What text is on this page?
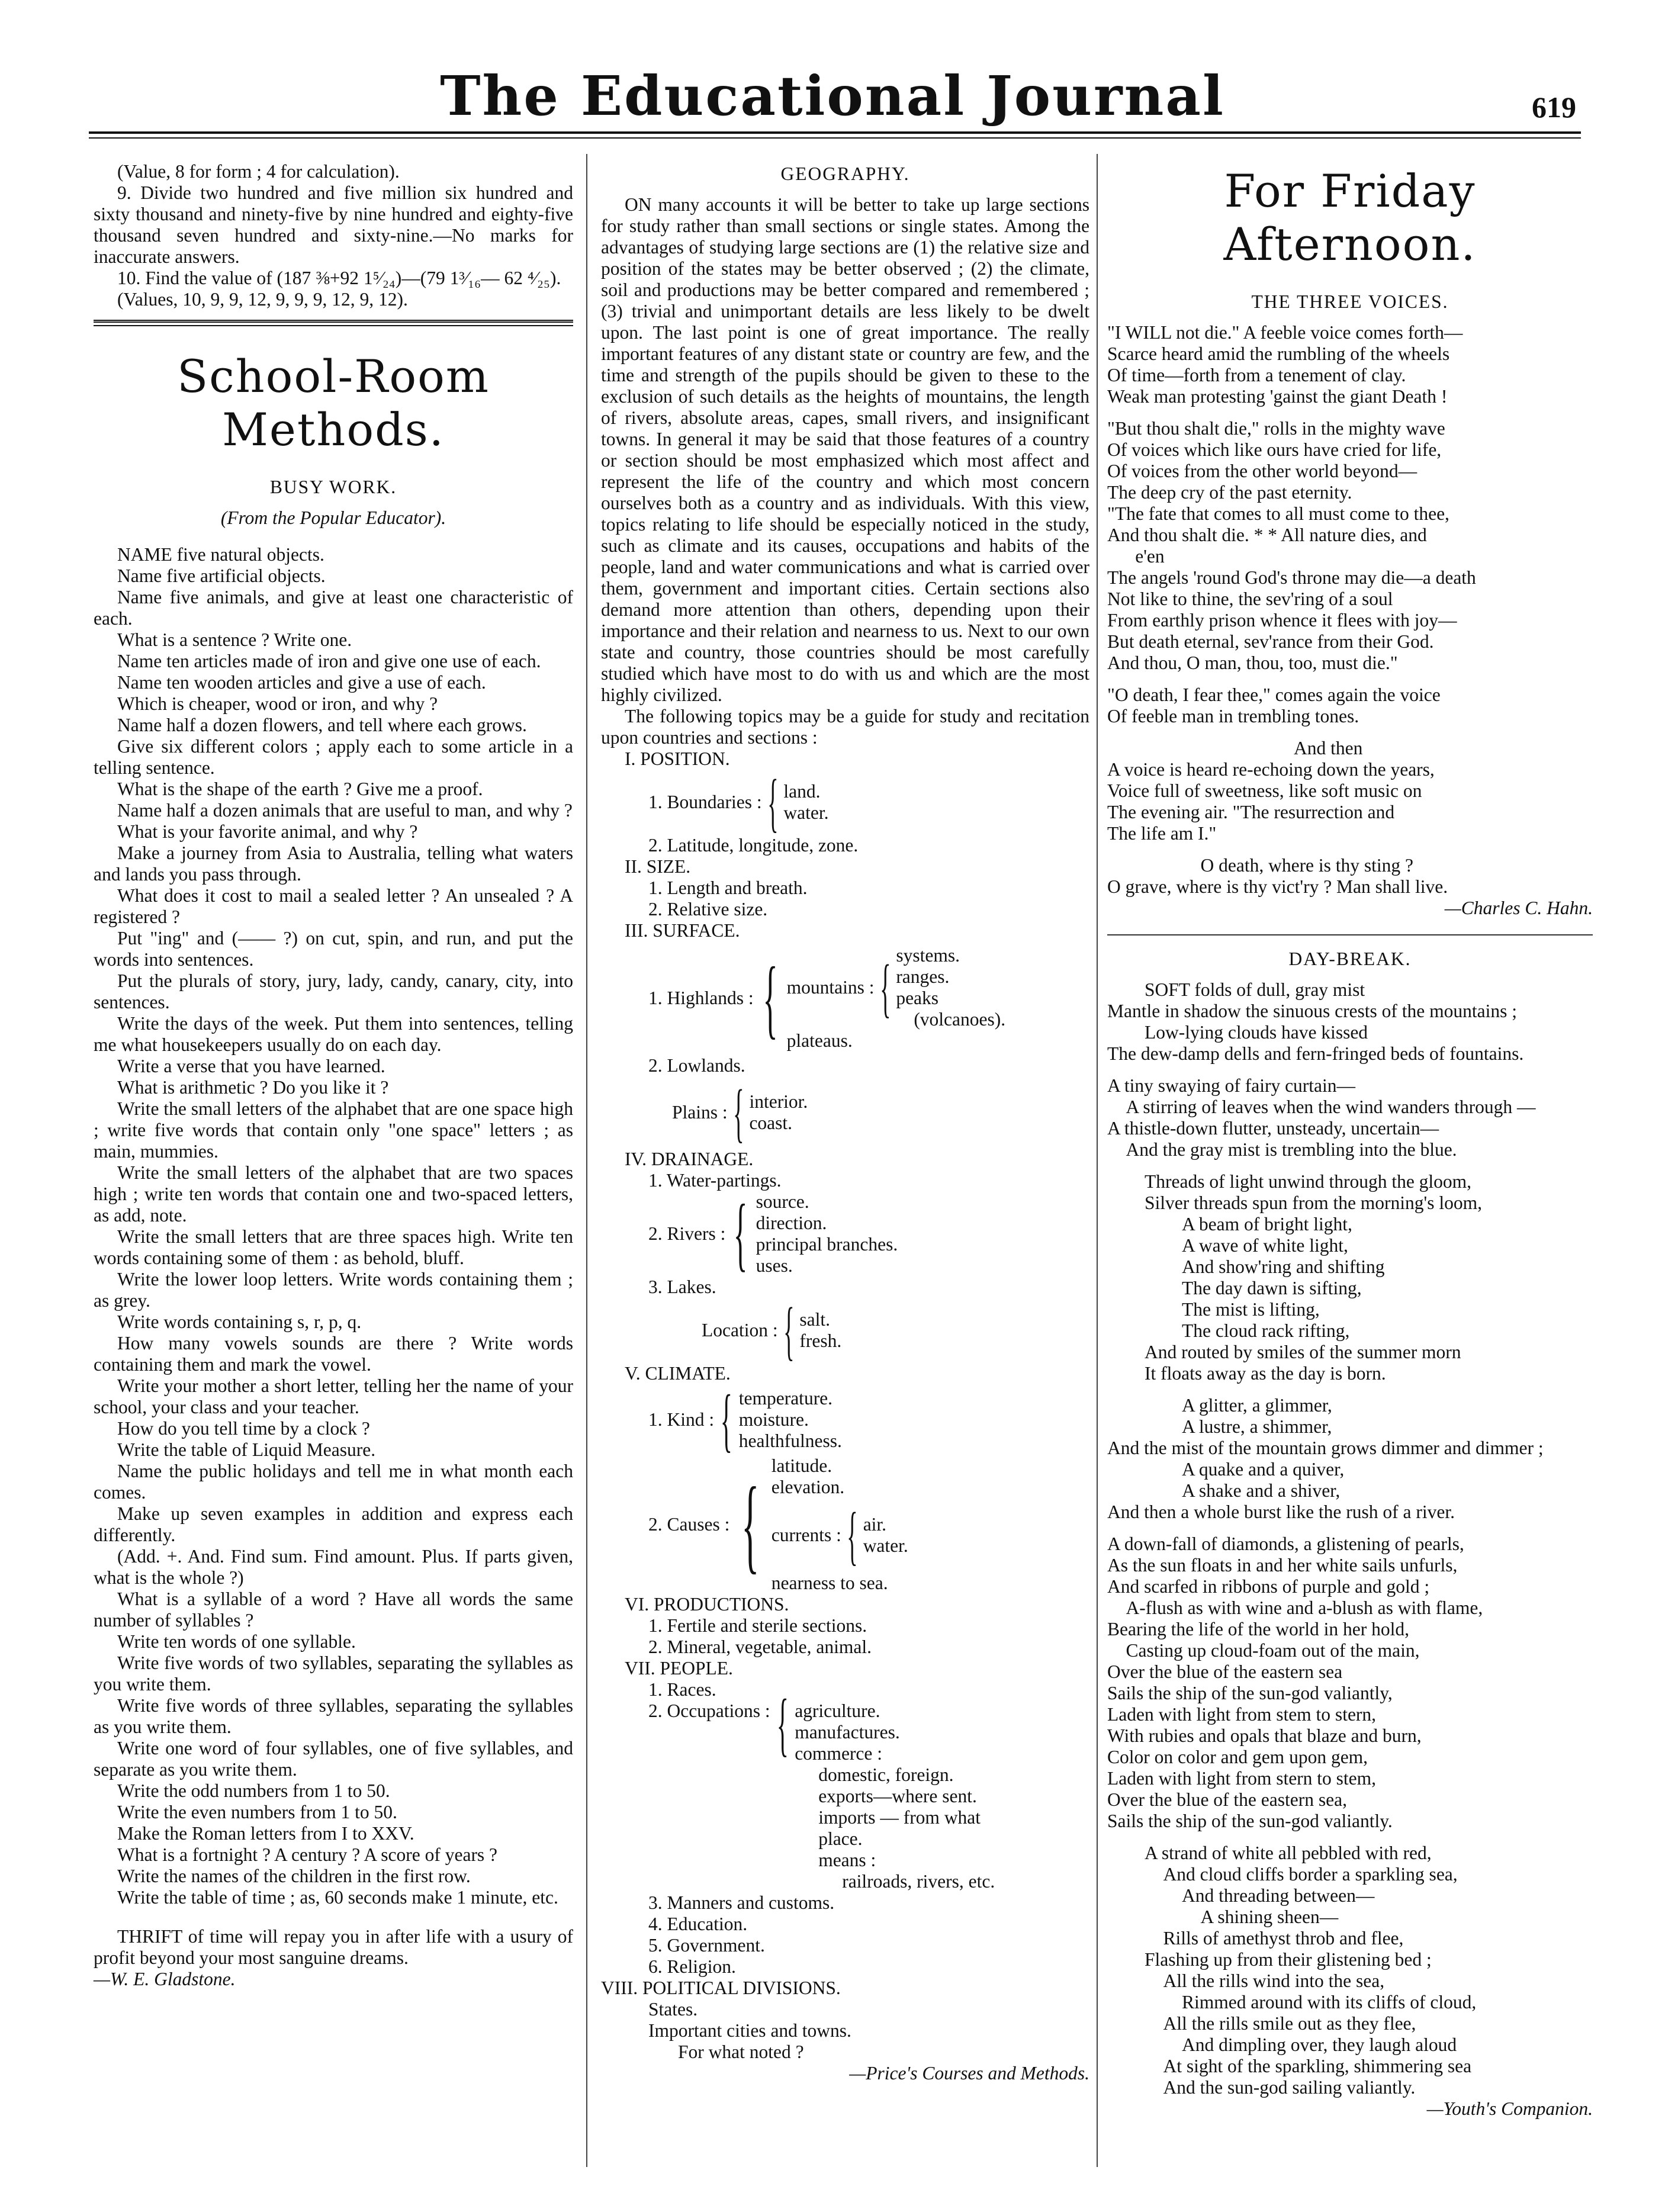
The Educational Journal	619

(Value, 8 for form ; 4 for calculation).

9. Divide two hundred and five million six hundred and sixty thousand and ninety-five by nine hundred and eighty-five thousand seven hundred and sixty-nine.—No marks for inaccurate answers.

10. Find the value of (187 ⅜+92 1⁵⁄₂₄)—(79 1³⁄₁₆— 62 ⁴⁄₂₅).

(Values, 10, 9, 9, 12, 9, 9, 9, 12, 9, 12).

School-Room Methods.
BUSY WORK.

(From the Popular Educator).

NAME five natural objects.

Name five artificial objects.

Name five animals, and give at least one characteristic of each.

What is a sentence ? Write one.

Name ten articles made of iron and give one use of each.

Name ten wooden articles and give a use of each.

Which is cheaper, wood or iron, and why ?

Name half a dozen flowers, and tell where each grows.

Give six different colors ; apply each to some article in a telling sentence.

What is the shape of the earth ? Give me a proof.

Name half a dozen animals that are useful to man, and why ?

What is your favorite animal, and why ?

Make a journey from Asia to Australia, telling what waters and lands you pass through.

What does it cost to mail a sealed letter ? An unsealed ? A registered ?

Put "ing" and (—— ?) on cut, spin, and run, and put the words into sentences.

Put the plurals of story, jury, lady, candy, canary, city, into sentences.

Write the days of the week. Put them into sentences, telling me what housekeepers usually do on each day.

Write a verse that you have learned.

What is arithmetic ? Do you like it ?

Write the small letters of the alphabet that are one space high ; write five words that contain only "one space" letters ; as main, mummies.

Write the small letters of the alphabet that are two spaces high ; write ten words that contain one and two-spaced letters, as add, note.

Write the small letters that are three spaces high. Write ten words containing some of them : as behold, bluff.

Write the lower loop letters. Write words containing them ; as grey.

Write words containing s, r, p, q.

How many vowels sounds are there ? Write words containing them and mark the vowel.

Write your mother a short letter, telling her the name of your school, your class and your teacher.

How do you tell time by a clock ?

Write the table of Liquid Measure.

Name the public holidays and tell me in what month each comes.

Make up seven examples in addition and express each differently.

(Add. +. And. Find sum. Find amount. Plus. If parts given, what is the whole ?)

What is a syllable of a word ? Have all words the same number of syllables ?

Write ten words of one syllable.

Write five words of two syllables, separating the syllables as you write them.

Write five words of three syllables, separating the syllables as you write them.

Write one word of four syllables, one of five syllables, and separate as you write them.

Write the odd numbers from 1 to 50.

Write the even numbers from 1 to 50.

Make the Roman letters from I to XXV.

What is a fortnight ? A century ? A score of years ?

Write the names of the children in the first row.

Write the table of time ; as, 60 seconds make 1 minute, etc.

THRIFT of time will repay you in after life with a usury of profit beyond your most sanguine dreams.

—W. E. Gladstone.

GEOGRAPHY.

ON many accounts it will be better to take up large sections for study rather than small sections or single states. Among the advantages of studying large sections are (1) the relative size and position of the states may be better observed ; (2) the climate, soil and productions may be better compared and remembered ; (3) trivial and unimportant details are less likely to be dwelt upon. The last point is one of great importance. The really important features of any distant state or country are few, and the time and strength of the pupils should be given to these to the exclusion of such details as the heights of mountains, the length of rivers, absolute areas, capes, small rivers, and insignificant towns. In general it may be said that those features of a country or section should be most emphasized which most affect and represent the life of the country and which most concern ourselves both as a country and as individuals. With this view, topics relating to life should be especially noticed in the study, such as climate and its causes, occupations and habits of the people, land and water communications and what is carried over them, government and important cities. Certain sections also demand more attention than others, depending upon their importance and their relation and nearness to us. Next to our own state and country, those countries should be most carefully studied which have most to do with us and which are the most highly civilized.

The following topics may be a guide for study and recitation upon countries and sections :

I. POSITION.
1. Boundaries : { land.
water.
2. Latitude, longitude, zone.
II. SIZE.
1. Length and breath.
2. Relative size.
III. SURFACE.
1. Highlands : { mountains : { systems.
ranges.
peaks
(volcanoes).
plateaus.
2. Lowlands.
Plains : { interior.
coast.
IV. DRAINAGE.
1. Water-partings.
2. Rivers : { source.
direction.
principal branches.
uses.
3. Lakes.
Location : { salt.
fresh.
V. CLIMATE.
1. Kind : { temperature.
moisture.
healthfulness.
2. Causes : { latitude.
elevation.
currents : { air.
water.
nearness to sea.
VI. PRODUCTIONS.
1. Fertile and sterile sections.
2. Mineral, vegetable, animal.
VII. PEOPLE.
1. Races.
2. Occupations : { agriculture.
manufactures.
commerce :
domestic, foreign.
exports—where sent.
imports — from what place.
means :
railroads, rivers, etc.
3. Manners and customs.
4. Education.
5. Government.
6. Religion.
VIII. POLITICAL DIVISIONS.
States.
Important cities and towns.
For what noted ?

—Price's Courses and Methods.

For Friday Afternoon.
THE THREE VOICES.

"I WILL not die." A feeble voice comes forth—

Scarce heard amid the rumbling of the wheels

Of time—forth from a tenement of clay.

Weak man protesting 'gainst the giant Death !

"But thou shalt die," rolls in the mighty wave

Of voices which like ours have cried for life,

Of voices from the other world beyond—

The deep cry of the past eternity.

"The fate that comes to all must come to thee,

And thou shalt die. * * All nature dies, and

e'en

The angels 'round God's throne may die—a death

Not like to thine, the sev'ring of a soul

From earthly prison whence it flees with joy—

But death eternal, sev'rance from their God.

And thou, O man, thou, too, must die."

"O death, I fear thee," comes again the voice

Of feeble man in trembling tones.

And then

A voice is heard re-echoing down the years,

Voice full of sweetness, like soft music on

The evening air. "The resurrection and

The life am I."

O death, where is thy sting ?

O grave, where is thy vict'ry ? Man shall live.

—Charles C. Hahn.

DAY-BREAK.

SOFT folds of dull, gray mist

Mantle in shadow the sinuous crests of the mountains ;

Low-lying clouds have kissed

The dew-damp dells and fern-fringed beds of fountains.

A tiny swaying of fairy curtain—

A stirring of leaves when the wind wanders through —

A thistle-down flutter, unsteady, uncertain—

And the gray mist is trembling into the blue.

Threads of light unwind through the gloom,

Silver threads spun from the morning's loom,

A beam of bright light,

A wave of white light,

And show'ring and shifting

The day dawn is sifting,

The mist is lifting,

The cloud rack rifting,

And routed by smiles of the summer morn

It floats away as the day is born.

A glitter, a glimmer,

A lustre, a shimmer,

And the mist of the mountain grows dimmer and dimmer ;

A quake and a quiver,

A shake and a shiver,

And then a whole burst like the rush of a river.

A down-fall of diamonds, a glistening of pearls,

As the sun floats in and her white sails unfurls,

And scarfed in ribbons of purple and gold ;

A-flush as with wine and a-blush as with flame,

Bearing the life of the world in her hold,

Casting up cloud-foam out of the main,

Over the blue of the eastern sea

Sails the ship of the sun-god valiantly,

Laden with light from stem to stern,

With rubies and opals that blaze and burn,

Color on color and gem upon gem,

Laden with light from stern to stem,

Over the blue of the eastern sea,

Sails the ship of the sun-god valiantly.

A strand of white all pebbled with red,

And cloud cliffs border a sparkling sea,

And threading between—

A shining sheen—

Rills of amethyst throb and flee,

Flashing up from their glistening bed ;

All the rills wind into the sea,

Rimmed around with its cliffs of cloud,

All the rills smile out as they flee,

And dimpling over, they laugh aloud

At sight of the sparkling, shimmering sea

And the sun-god sailing valiantly.

—Youth's Companion.
